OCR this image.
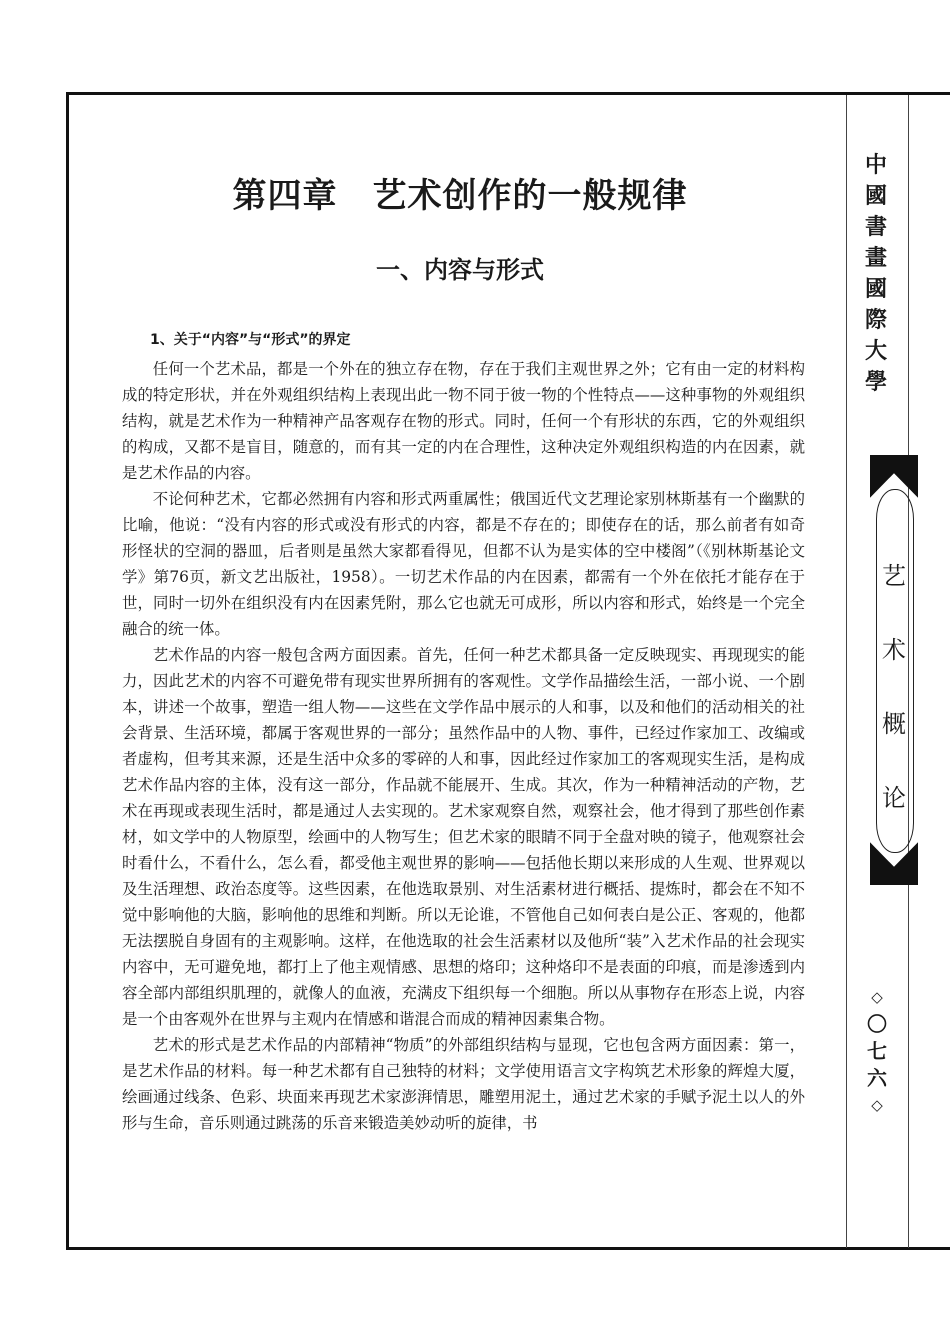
第四章　艺术创作的一般规律
一、内容与形式
1、关于“内容”与“形式”的界定

任何一个艺术品，都是一个外在的独立存在物，存在于我们主观世界之外；它有由一定的材料构成的特定形状，并在外观组织结构上表现出此一物不同于彼一物的个性特点——这种事物的外观组织结构，就是艺术作为一种精神产品客观存在物的形式。同时，任何一个有形状的东西，它的外观组织的构成，又都不是盲目，随意的，而有其一定的内在合理性，这种决定外观组织构造的内在因素，就是艺术作品的内容。

不论何种艺术，它都必然拥有内容和形式两重属性；俄国近代文艺理论家别林斯基有一个幽默的比喻，他说：“没有内容的形式或没有形式的内容，都是不存在的；即使存在的话，那么前者有如奇形怪状的空洞的器皿，后者则是虽然大家都看得见，但都不认为是实体的空中楼阁”（《别林斯基论文学》第76页，新文艺出版社，1958）。一切艺术作品的内在因素，都需有一个外在依托才能存在于世，同时一切外在组织没有内在因素凭附，那么它也就无可成形，所以内容和形式，始终是一个完全融合的统一体。

艺术作品的内容一般包含两方面因素。首先，任何一种艺术都具备一定反映现实、再现现实的能力，因此艺术的内容不可避免带有现实世界所拥有的客观性。文学作品描绘生活，一部小说、一个剧本，讲述一个故事，塑造一组人物——这些在文学作品中展示的人和事，以及和他们的活动相关的社会背景、生活环境，都属于客观世界的一部分；虽然作品中的人物、事件，已经过作家加工、改编或者虚构，但考其来源，还是生活中众多的零碎的人和事，因此经过作家加工的客观现实生活，是构成艺术作品内容的主体，没有这一部分，作品就不能展开、生成。其次，作为一种精神活动的产物，艺术在再现或表现生活时，都是通过人去实现的。艺术家观察自然，观察社会，他才得到了那些创作素材，如文学中的人物原型，绘画中的人物写生；但艺术家的眼睛不同于全盘对映的镜子，他观察社会时看什么，不看什么，怎么看，都受他主观世界的影响——包括他长期以来形成的人生观、世界观以及生活理想、政治态度等。这些因素，在他选取景别、对生活素材进行概括、提炼时，都会在不知不觉中影响他的大脑，影响他的思维和判断。所以无论谁，不管他自己如何表白是公正、客观的，他都无法摆脱自身固有的主观影响。这样，在他选取的社会生活素材以及他所“装”入艺术作品的社会现实内容中，无可避免地，都打上了他主观情感、思想的烙印；这种烙印不是表面的印痕，而是渗透到内容全部内部组织肌理的，就像人的血液，充满皮下组织每一个细胞。所以从事物存在形态上说，内容是一个由客观外在世界与主观内在情感和谐混合而成的精神因素集合物。

艺术的形式是艺术作品的内部精神“物质”的外部组织结构与显现，它也包含两方面因素：第一，是艺术作品的材料。每一种艺术都有自己独特的材料；文学使用语言文字构筑艺术形象的辉煌大厦，绘画通过线条、色彩、块面来再现艺术家澎湃情思，雕塑用泥土，通过艺术家的手赋予泥土以人的外形与生命，音乐则通过跳荡的乐音来锻造美妙动听的旋律，书

中
國
書
畫
國
際
大
學
艺
术
概
论
◇
〇
七
六
◇
